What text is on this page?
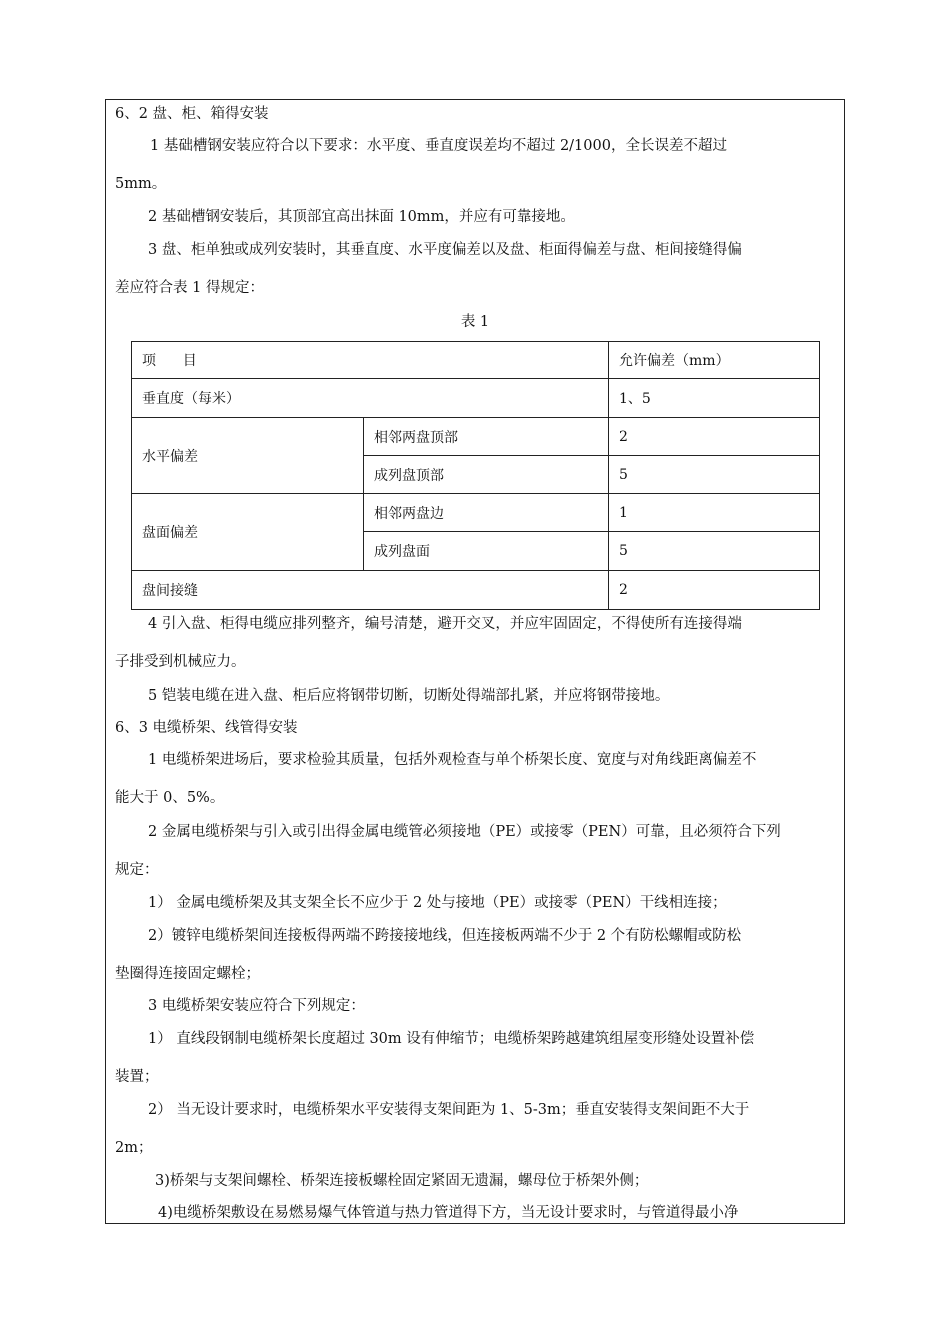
6、2 盘、柜、箱得安装
1 基础槽钢安装应符合以下要求：水平度、垂直度误差均不超过 2/1000，全长误差不超过
5mm。
2 基础槽钢安装后，其顶部宜高出抹面 10mm，并应有可靠接地。
3 盘、柜单独或成列安装时，其垂直度、水平度偏差以及盘、柜面得偏差与盘、柜间接缝得偏
差应符合表 1 得规定：
表 1
项      目		允许偏差（mm）
垂直度（每米）		1、5
水平偏差	相邻两盘顶部	2
	成列盘顶部	5
盘面偏差	相邻两盘边	1
	成列盘面	5
盘间接缝		2
4 引入盘、柜得电缆应排列整齐，编号清楚，避开交叉，并应牢固固定，不得使所有连接得端
子排受到机械应力。
5 铠装电缆在进入盘、柜后应将钢带切断，切断处得端部扎紧，并应将钢带接地。
6、3 电缆桥架、线管得安装
1 电缆桥架进场后，要求检验其质量，包括外观检查与单个桥架长度、宽度与对角线距离偏差不
能大于 0、5%。
2 金属电缆桥架与引入或引出得金属电缆管必须接地（PE）或接零（PEN）可靠，且必须符合下列
规定：
1） 金属电缆桥架及其支架全长不应少于 2 处与接地（PE）或接零（PEN）干线相连接；
2）镀锌电缆桥架间连接板得两端不跨接接地线，但连接板两端不少于 2 个有防松螺帽或防松
垫圈得连接固定螺栓；
3 电缆桥架安装应符合下列规定：
1） 直线段钢制电缆桥架长度超过 30m 设有伸缩节；电缆桥架跨越建筑组屋变形缝处设置补偿
装置；
2） 当无设计要求时，电缆桥架水平安装得支架间距为 1、5-3m；垂直安装得支架间距不大于
2m；
3)桥架与支架间螺栓、桥架连接板螺栓固定紧固无遗漏，螺母位于桥架外侧；
4)电缆桥架敷设在易燃易爆气体管道与热力管道得下方，当无设计要求时，与管道得最小净
